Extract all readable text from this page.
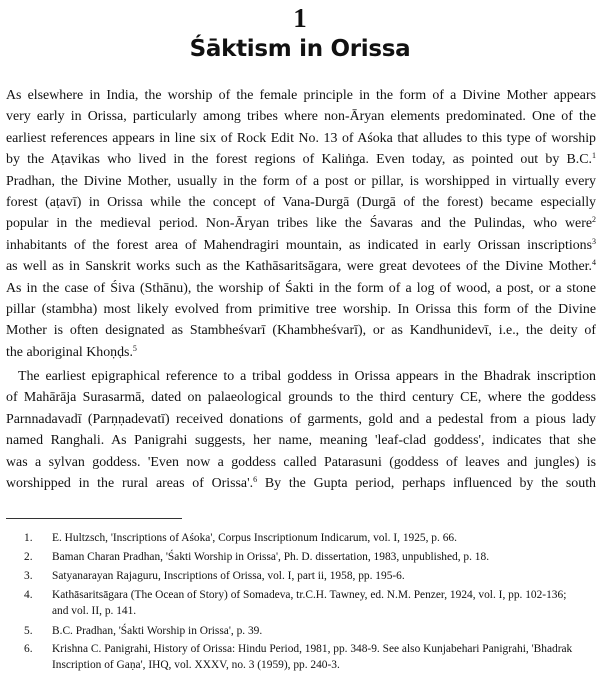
1
Śāktism in Orissa
As elsewhere in India, the worship of the female principle in the form of a Divine Mother appears
very early in Orissa, particularly among tribes where non-Āryan elements predominated. One of the
earliest references appears in line six of Rock Edit No. 13 of Aśoka that alludes to this type of worship
by the Aṭavikas who lived in the forest regions of Kaliṅga. Even today, as pointed out by B.C.$^1$
Pradhan, the Divine Mother, usually in the form of a post or pillar, is worshipped in virtually every
forest (aṭavī) in Orissa while the concept of Vana-Durgā (Durgā of the forest) became especially
popular in the medieval period. Non-Āryan tribes like the Śavaras and the Pulindas, who were$^2$
inhabitants of the forest area of Mahendragiri mountain, as indicated in early Orissan inscriptions$^3$
as well as in Sanskrit works such as the Kathāsaritsāgara, were great devotees of the Divine Mother.$^4$
As in the case of Śiva (Sthānu), the worship of Śakti in the form of a log of wood, a post, or a stone
pillar (stambha) most likely evolved from primitive tree worship. In Orissa this form of the Divine
Mother is often designated as Stambheśvarī (Khambheśvarī), or as Kandhunidevī, i.e., the deity of
the aboriginal Khoṇḍs.$^5$
The earliest epigraphical reference to a tribal goddess in Orissa appears in the Bhadrak inscription
of Mahārāja Surasarmā, dated on palaeological grounds to the third century CE, where the goddess
Parnnadavadī (Parṇṇadevatī) received donations of garments, gold and a pedestal from a pious lady
named Ranghali. As Panigrahi suggests, her name, meaning 'leaf-clad goddess', indicates that she
was a sylvan goddess. 'Even now a goddess called Patarasuni (goddess of leaves and jungles) is
worshipped in the rural areas of Orissa'.$^6$ By the Gupta period, perhaps influenced by the south
1.	E. Hultzsch, 'Inscriptions of Aśoka', Corpus Inscriptionum Indicarum, vol. I, 1925, p. 66.
2.	Baman Charan Pradhan, 'Śakti Worship in Orissa', Ph. D. dissertation, 1983, unpublished, p. 18.
3.	Satyanarayan Rajaguru, Inscriptions of Orissa, vol. I, part ii, 1958, pp. 195-6.
4.	Kathāsaritsāgara (The Ocean of Story) of Somadeva, tr.C.H. Tawney, ed. N.M. Penzer, 1924, vol. I, pp. 102-136;
and vol. II, p. 141.
5.	B.C. Pradhan, 'Śakti Worship in Orissa', p. 39.
6.	Krishna C. Panigrahi, History of Orissa: Hindu Period, 1981, pp. 348-9. See also Kunjabehari Panigrahi, 'Bhadrak
Inscription of Gaṇa', IHQ, vol. XXXV, no. 3 (1959), pp. 240-3.
